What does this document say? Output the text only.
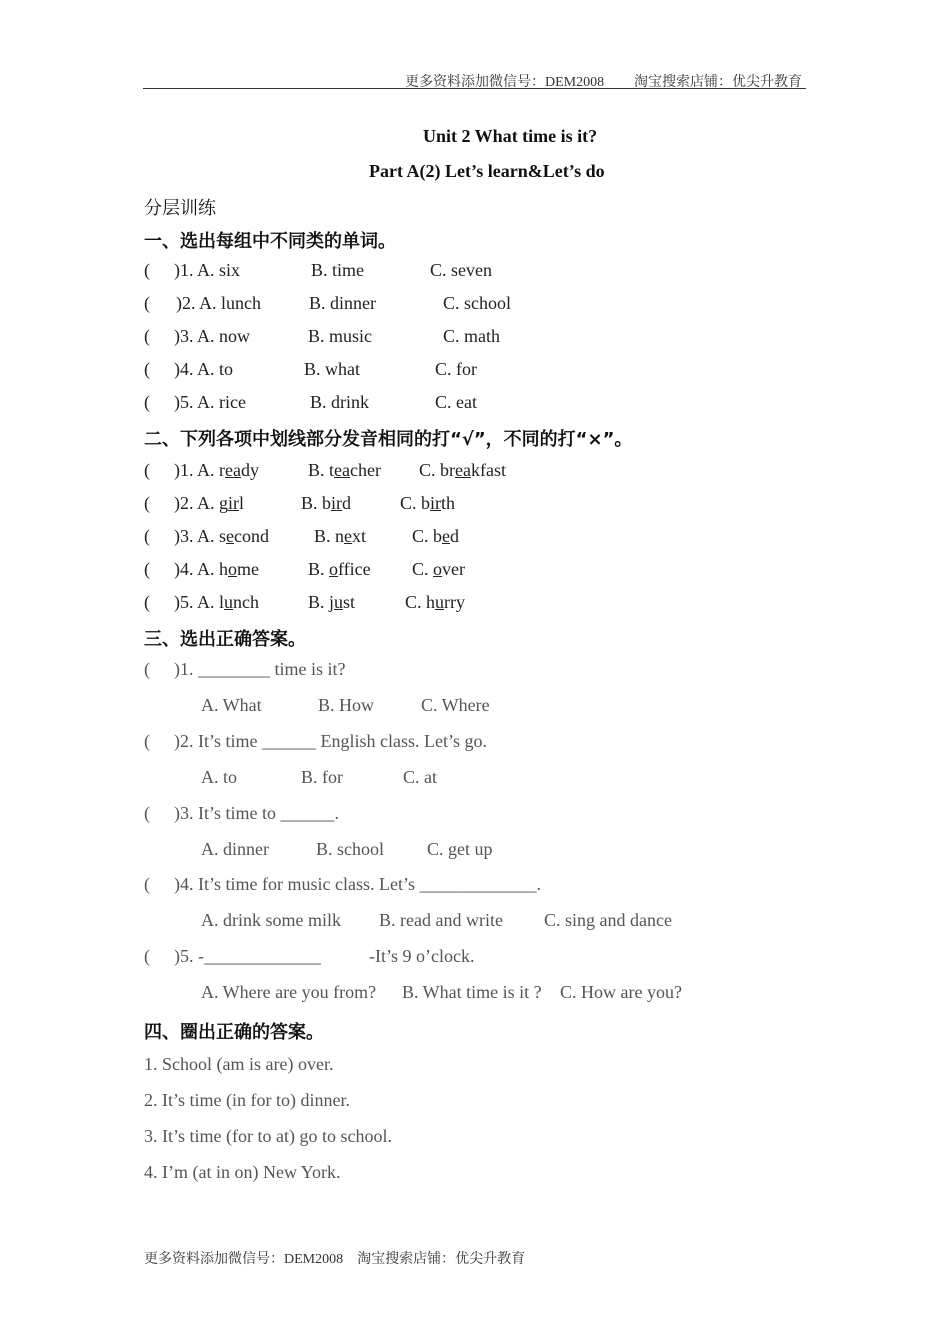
更多资料添加微信号：DEM2008 淘宝搜索店铺：优尖升教育
Unit 2 What time is it?
Part A(2) Let’s learn&Let’s do
分层训练
一、选出每组中不同类的单词。
( )1. A. six	B. time	C. seven
( )2. A. lunch	B. dinner	C. school
( )3. A. now	B. music	C. math
( )4. A. to	B. what	C. for
( )5. A. rice	B. drink	C. eat
二、下列各项中划线部分发音相同的打“√”，不同的打“×”。
( )1. A. ready	B. teacher C. breakfast
( )2. A. girl	B. bird	C. birth
( )3. A. second B. next	C. bed
( )4. A. home	B. office C. over
( )5. A. lunch	B. just	C. hurry
三、选出正确答案。
( )1. ________ time is it?
A. What	B. How	C. Where
( )2. It’s time ______ English class. Let’s go.
A. to	B. for	C. at
( )3. It’s time to ______.
A. dinner	B. school C. get up
( )4. It’s time for music class. Let’s _____________.
A. drink some milk B. read and write C. sing and dance
( )5. -_____________	-It’s 9 o’clock.
A. Where are you from? B. What time is it ? C. How are you?
四、圈出正确的答案。
1. School (am is are) over.
2. It’s time (in for to) dinner.
3. It’s time (for to at) go to school.
4. I’m (at in on) New York.
更多资料添加微信号：DEM2008    淘宝搜索店铺：优尖升教育
